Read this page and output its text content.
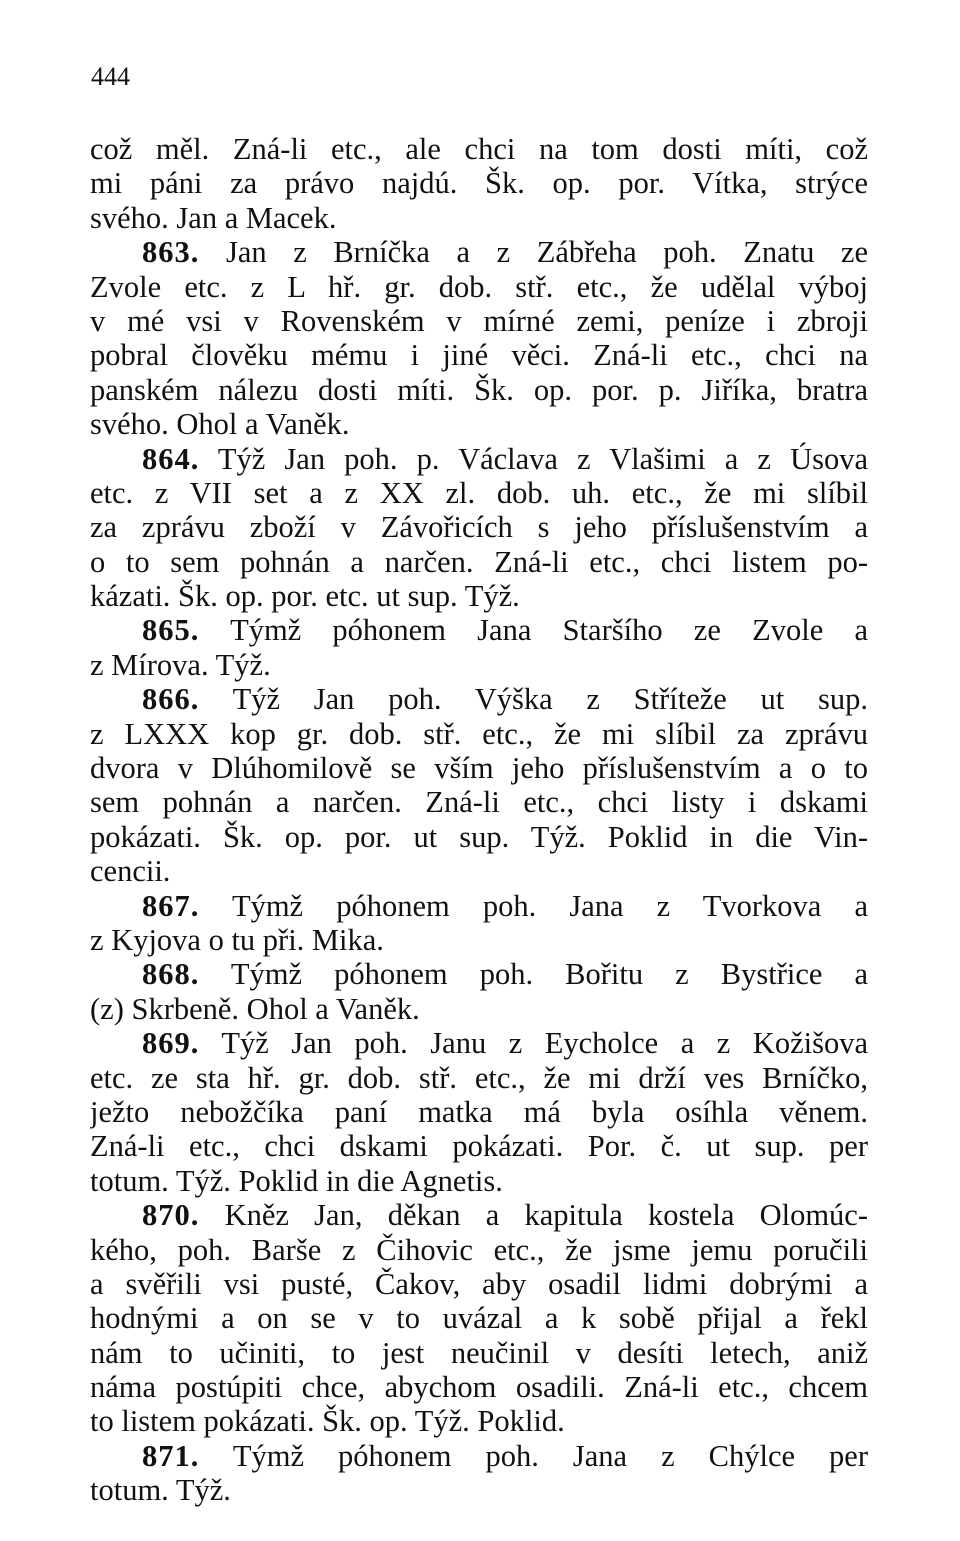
444
což měl. Zná-li etc., ale chci na tom dosti míti, což
mi páni za právo najdú. Šk. op. por. Vítka, strýce
svého. Jan a Macek.
863. Jan z Brníčka a z Zábřeha poh. Znatu ze
Zvole etc. z L hř. gr. dob. stř. etc., že udělal výboj
v mé vsi v Rovenském v mírné zemi, peníze i zbroji
pobral člověku mému i jiné věci. Zná-li etc., chci na
panském nálezu dosti míti. Šk. op. por. p. Jiříka, bratra
svého. Ohol a Vaněk.
864. Týž Jan poh. p. Václava z Vlašimi a z Úsova
etc. z VII set a z XX zl. dob. uh. etc., že mi slíbil
za zprávu zboží v Závořicích s jeho příslušenstvím a
o to sem pohnán a narčen. Zná-li etc., chci listem po-
kázati. Šk. op. por. etc. ut sup. Týž.
865. Týmž póhonem Jana Staršího ze Zvole a
z Mírova. Týž.
866. Týž Jan poh. Výška z Stříteže ut sup.
z LXXX kop gr. dob. stř. etc., že mi slíbil za zprávu
dvora v Dlúhomilově se vším jeho příslušenstvím a o to
sem pohnán a narčen. Zná-li etc., chci listy i dskami
pokázati. Šk. op. por. ut sup. Týž. Poklid in die Vin-
cencii.
867. Týmž póhonem poh. Jana z Tvorkova a
z Kyjova o tu při. Mika.
868. Týmž póhonem poh. Bořitu z Bystřice a
(z) Skrbeně. Ohol a Vaněk.
869. Týž Jan poh. Janu z Eycholce a z Kožišova
etc. ze sta hř. gr. dob. stř. etc., že mi drží ves Brníčko,
ježto nebožčíka paní matka má byla osíhla věnem.
Zná-li etc., chci dskami pokázati. Por. č. ut sup. per
totum. Týž. Poklid in die Agnetis.
870. Kněz Jan, děkan a kapitula kostela Olomúc-
kého, poh. Barše z Čihovic etc., že jsme jemu poručili
a svěřili vsi pusté, Čakov, aby osadil lidmi dobrými a
hodnými a on se v to uvázal a k sobě přijal a řekl
nám to učiniti, to jest neučinil v desíti letech, aniž
náma postúpiti chce, abychom osadili. Zná-li etc., chcem
to listem pokázati. Šk. op. Týž. Poklid.
871. Týmž póhonem poh. Jana z Chýlce per
totum. Týž.
